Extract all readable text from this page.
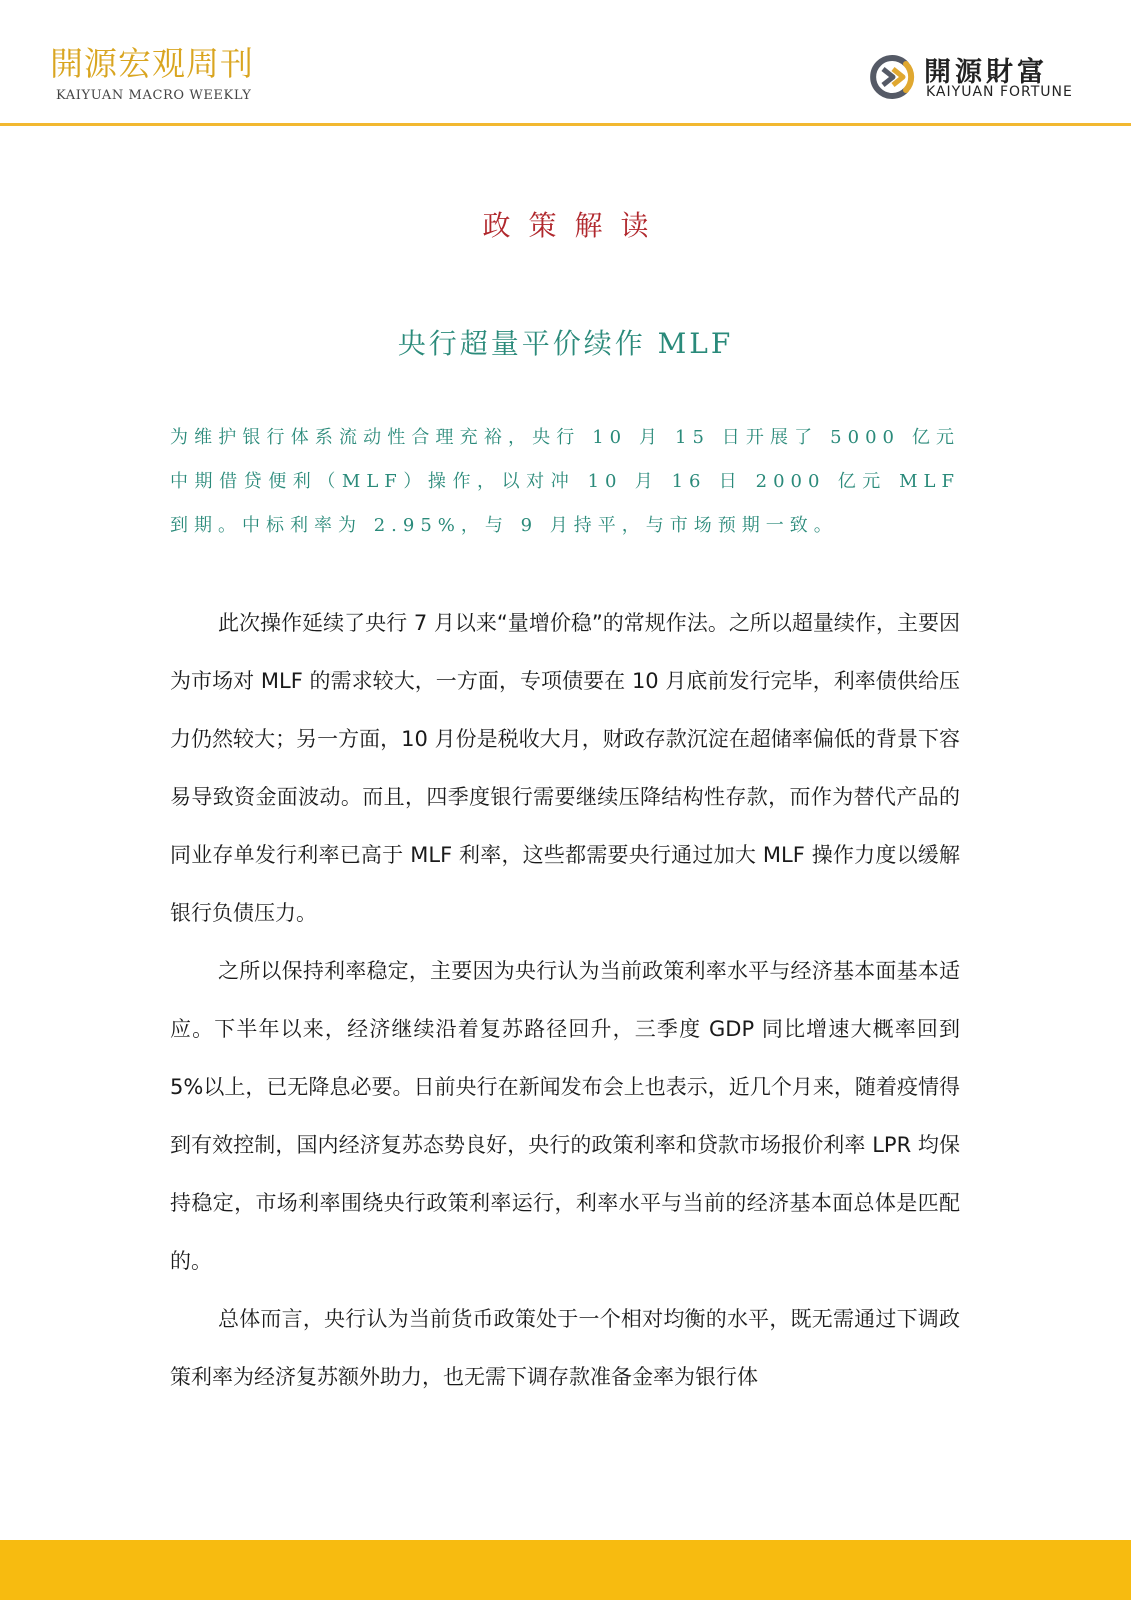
開源宏观周刊
KAIYUAN MACRO WEEKLY
開源財富
KAIYUAN FORTUNE
政策解读
央行超量平价续作 MLF
为维护银行体系流动性合理充裕，央行 10 月 15 日开展了 5000 亿元中期借贷便利（MLF）操作，以对冲 10 月 16 日 2000 亿元 MLF 到期。中标利率为 2.95%，与 9 月持平，与市场预期一致。

此次操作延续了央行 7 月以来“量增价稳”的常规作法。之所以超量续作，主要因为市场对 MLF 的需求较大，一方面，专项债要在 10 月底前发行完毕，利率债供给压力仍然较大；另一方面，10 月份是税收大月，财政存款沉淀在超储率偏低的背景下容易导致资金面波动。而且，四季度银行需要继续压降结构性存款，而作为替代产品的同业存单发行利率已高于 MLF 利率，这些都需要央行通过加大 MLF 操作力度以缓解银行负债压力。

之所以保持利率稳定，主要因为央行认为当前政策利率水平与经济基本面基本适应。下半年以来，经济继续沿着复苏路径回升，三季度 GDP 同比增速大概率回到 5%以上，已无降息必要。日前央行在新闻发布会上也表示，近几个月来，随着疫情得到有效控制，国内经济复苏态势良好，央行的政策利率和贷款市场报价利率 LPR 均保持稳定，市场利率围绕央行政策利率运行，利率水平与当前的经济基本面总体是匹配的。

总体而言，央行认为当前货币政策处于一个相对均衡的水平，既无需通过下调政策利率为经济复苏额外助力，也无需下调存款准备金率为银行体
